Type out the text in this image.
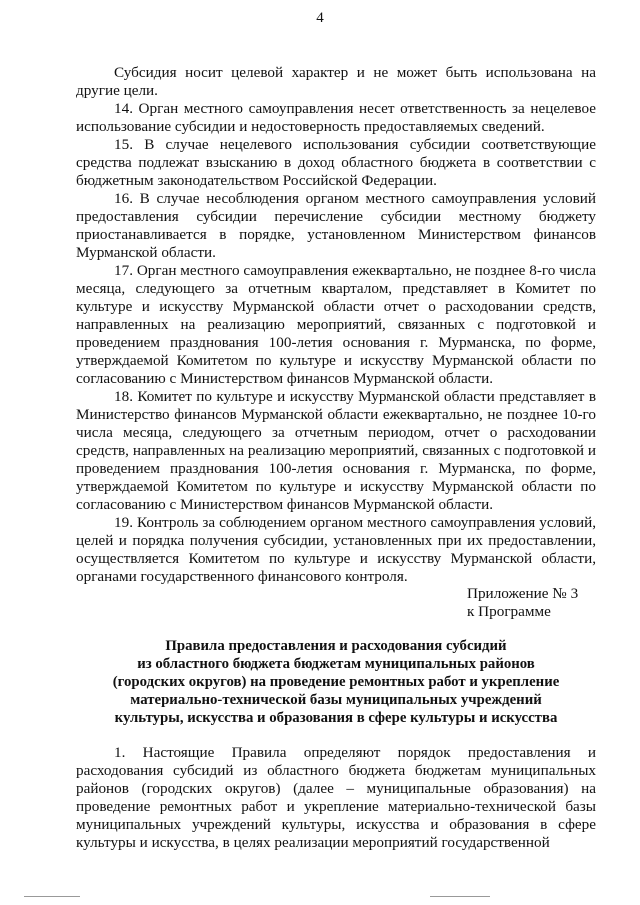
4

Субсидия носит целевой характер и не может быть использована на другие цели.

14. Орган местного самоуправления несет ответственность за нецелевое использование субсидии и недостоверность предоставляемых сведений.

15. В случае нецелевого использования субсидии соответствующие средства подлежат взысканию в доход областного бюджета в соответствии с бюджетным законодательством Российской Федерации.

16. В случае несоблюдения органом местного самоуправления условий предоставления субсидии перечисление субсидии местному бюджету приостанавливается в порядке, установленном Министерством финансов Мурманской области.

17. Орган местного самоуправления ежеквартально, не позднее 8-го числа месяца, следующего за отчетным кварталом, представляет в Комитет по культуре и искусству Мурманской области отчет о расходовании средств, направленных на реализацию мероприятий, связанных с подготовкой и проведением празднования 100-летия основания г. Мурманска, по форме, утверждаемой Комитетом по культуре и искусству Мурманской области по согласованию с Министерством финансов Мурманской области.

18. Комитет по культуре и искусству Мурманской области представляет в Министерство финансов Мурманской области ежеквартально, не позднее 10-го числа месяца, следующего за отчетным периодом, отчет о расходовании средств, направленных на реализацию мероприятий, связанных с подготовкой и проведением празднования 100-летия основания г. Мурманска, по форме, утверждаемой Комитетом по культуре и искусству Мурманской области по согласованию с Министерством финансов Мурманской области.

19. Контроль за соблюдением органом местного самоуправления условий, целей и порядка получения субсидии, установленных при их предоставлении, осуществляется Комитетом по культуре и искусству Мурманской области, органами государственного финансового контроля.

Приложение № 3
к Программе
Правила предоставления и расходования субсидий
из областного бюджета бюджетам муниципальных районов
(городских округов) на проведение ремонтных работ и укрепление
материально-технической базы муниципальных учреждений
культуры, искусства и образования в сфере культуры и искусства

1. Настоящие Правила определяют порядок предоставления и расходования субсидий из областного бюджета бюджетам муниципальных районов (городских округов) (далее – муниципальные образования) на проведение ремонтных работ и укрепление материально-технической базы муниципальных учреждений культуры, искусства и образования в сфере культуры и искусства, в целях реализации мероприятий государственной
